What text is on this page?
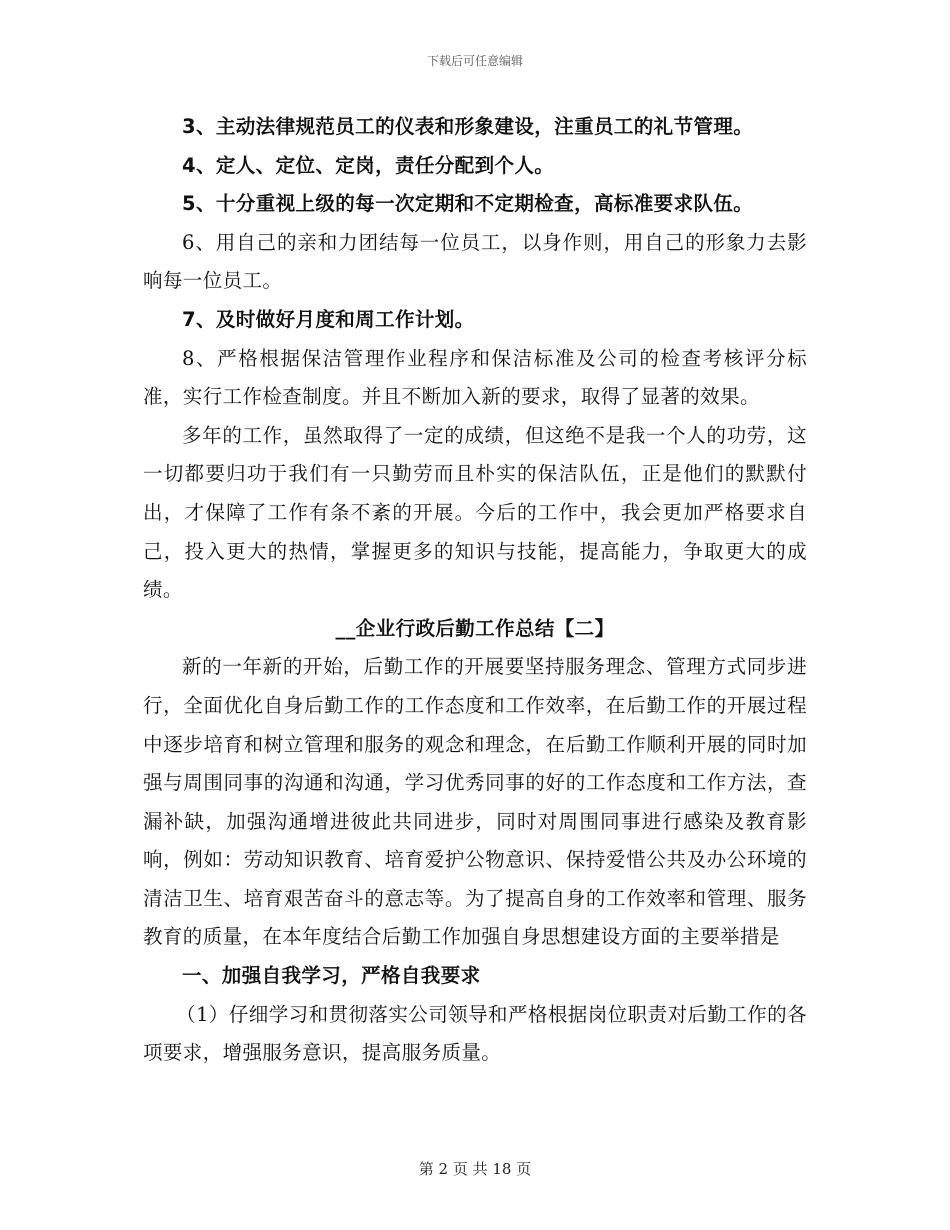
下载后可任意编辑

3、主动法律规范员工的仪表和形象建设，注重员工的礼节管理。

4、定人、定位、定岗，责任分配到个人。

5、十分重视上级的每一次定期和不定期检查，高标准要求队伍。

6、用自己的亲和力团结每一位员工，以身作则，用自己的形象力去影响每一位员工。

7、及时做好月度和周工作计划。

8、严格根据保洁管理作业程序和保洁标准及公司的检查考核评分标准，实行工作检查制度。并且不断加入新的要求，取得了显著的效果。

多年的工作，虽然取得了一定的成绩，但这绝不是我一个人的功劳，这一切都要归功于我们有一只勤劳而且朴实的保洁队伍，正是他们的默默付出，才保障了工作有条不紊的开展。今后的工作中，我会更加严格要求自己，投入更大的热情，掌握更多的知识与技能，提高能力，争取更大的成绩。

__企业行政后勤工作总结【二】

新的一年新的开始，后勤工作的开展要坚持服务理念、管理方式同步进行，全面优化自身后勤工作的工作态度和工作效率，在后勤工作的开展过程中逐步培育和树立管理和服务的观念和理念，在后勤工作顺利开展的同时加强与周围同事的沟通和沟通，学习优秀同事的好的工作态度和工作方法，查漏补缺，加强沟通增进彼此共同进步，同时对周围同事进行感染及教育影响，例如：劳动知识教育、培育爱护公物意识、保持爱惜公共及办公环境的清洁卫生、培育艰苦奋斗的意志等。为了提高自身的工作效率和管理、服务教育的质量，在本年度结合后勤工作加强自身思想建设方面的主要举措是

一、加强自我学习，严格自我要求

（1）仔细学习和贯彻落实公司领导和严格根据岗位职责对后勤工作的各项要求，增强服务意识，提高服务质量。

第 2 页 共 18 页
